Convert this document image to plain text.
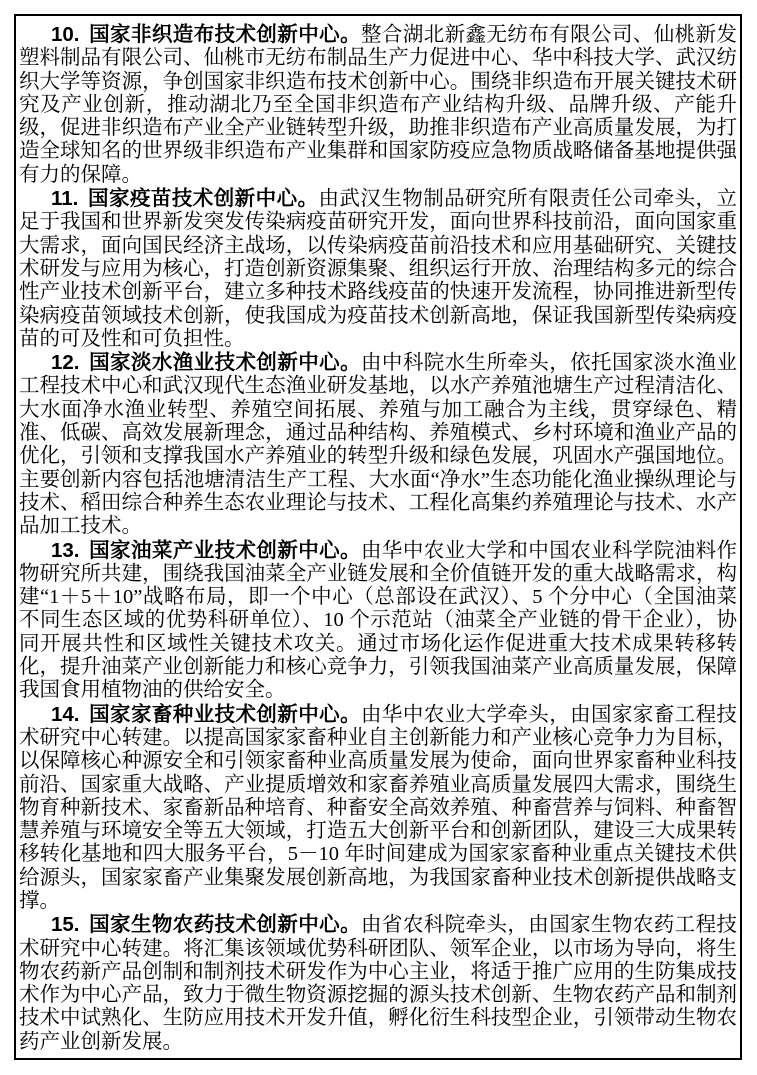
10. 国家非织造布技术创新中心。整合湖北新鑫无纺布有限公司、仙桃新发塑料制品有限公司、仙桃市无纺布制品生产力促进中心、华中科技大学、武汉纺织大学等资源，争创国家非织造布技术创新中心。围绕非织造布开展关键技术研究及产业创新，推动湖北乃至全国非织造布产业结构升级、品牌升级、产能升级，促进非织造布产业全产业链转型升级，助推非织造布产业高质量发展，为打造全球知名的世界级非织造布产业集群和国家防疫应急物质战略储备基地提供强有力的保障。

11. 国家疫苗技术创新中心。由武汉生物制品研究所有限责任公司牵头，立足于我国和世界新发突发传染病疫苗研究开发，面向世界科技前沿，面向国家重大需求，面向国民经济主战场，以传染病疫苗前沿技术和应用基础研究、关键技术研发与应用为核心，打造创新资源集聚、组织运行开放、治理结构多元的综合性产业技术创新平台，建立多种技术路线疫苗的快速开发流程，协同推进新型传染病疫苗领域技术创新，使我国成为疫苗技术创新高地，保证我国新型传染病疫苗的可及性和可负担性。

12. 国家淡水渔业技术创新中心。由中科院水生所牵头，依托国家淡水渔业工程技术中心和武汉现代生态渔业研发基地，以水产养殖池塘生产过程清洁化、大水面净水渔业转型、养殖空间拓展、养殖与加工融合为主线，贯穿绿色、精准、低碳、高效发展新理念，通过品种结构、养殖模式、乡村环境和渔业产品的优化，引领和支撑我国水产养殖业的转型升级和绿色发展，巩固水产强国地位。主要创新内容包括池塘清洁生产工程、大水面“净水”生态功能化渔业操纵理论与技术、稻田综合种养生态农业理论与技术、工程化高集约养殖理论与技术、水产品加工技术。

13. 国家油菜产业技术创新中心。由华中农业大学和中国农业科学院油料作物研究所共建，围绕我国油菜全产业链发展和全价值链开发的重大战略需求，构建“1＋5＋10”战略布局，即一个中心（总部设在武汉）、5 个分中心（全国油菜不同生态区域的优势科研单位）、10 个示范站（油菜全产业链的骨干企业），协同开展共性和区域性关键技术攻关。通过市场化运作促进重大技术成果转移转化，提升油菜产业创新能力和核心竞争力，引领我国油菜产业高质量发展，保障我国食用植物油的供给安全。

14. 国家家畜种业技术创新中心。由华中农业大学牵头，由国家家畜工程技术研究中心转建。以提高国家家畜种业自主创新能力和产业核心竞争力为目标，以保障核心种源安全和引领家畜种业高质量发展为使命，面向世界家畜种业科技前沿、国家重大战略、产业提质增效和家畜养殖业高质量发展四大需求，围绕生物育种新技术、家畜新品种培育、种畜安全高效养殖、种畜营养与饲料、种畜智慧养殖与环境安全等五大领域，打造五大创新平台和创新团队，建设三大成果转移转化基地和四大服务平台，5－10 年时间建成为国家家畜种业重点关键技术供给源头，国家家畜产业集聚发展创新高地，为我国家畜种业技术创新提供战略支撑。

15. 国家生物农药技术创新中心。由省农科院牵头，由国家生物农药工程技术研究中心转建。将汇集该领域优势科研团队、领军企业，以市场为导向，将生物农药新产品创制和制剂技术研发作为中心主业，将适于推广应用的生防集成技术作为中心产品，致力于微生物资源挖掘的源头技术创新、生物农药产品和制剂技术中试熟化、生防应用技术开发升值，孵化衍生科技型企业，引领带动生物农药产业创新发展。
